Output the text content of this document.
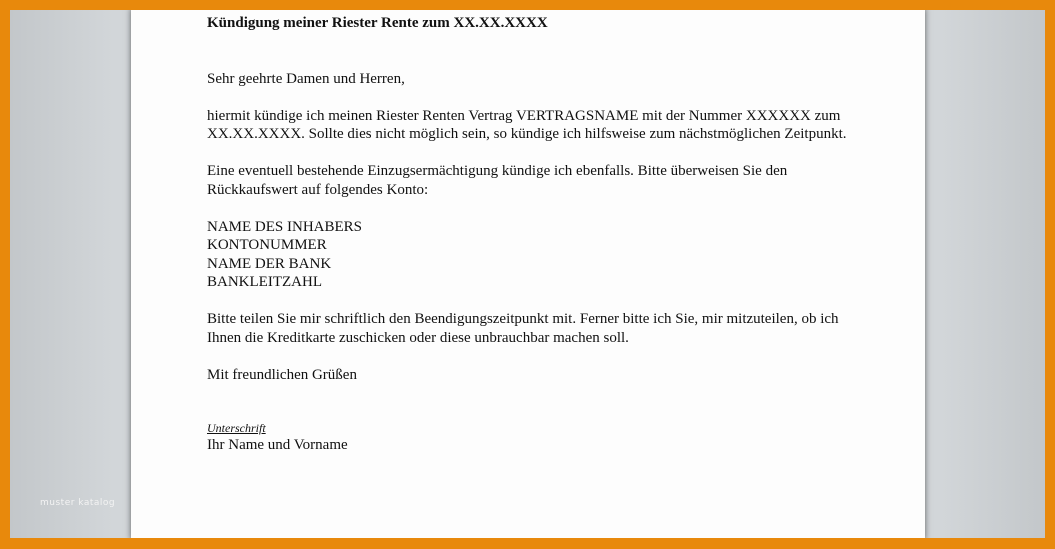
Kündigung meiner Riester Rente zum XX.XX.XXXX

Sehr geehrte Damen und Herren,

hiermit kündige ich meinen Riester Renten Vertrag VERTRAGSNAME mit der Nummer XXXXXX zum XX.XX.XXXX. Sollte dies nicht möglich sein, so kündige ich hilfsweise zum nächstmöglichen Zeitpunkt.

Eine eventuell bestehende Einzugsermächtigung kündige ich ebenfalls. Bitte überweisen Sie den Rückkaufswert auf folgendes Konto:

NAME DES INHABERS

KONTONUMMER

NAME DER BANK

BANKLEITZAHL

Bitte teilen Sie mir schriftlich den Beendigungszeitpunkt mit. Ferner bitte ich Sie, mir mitzuteilen, ob ich Ihnen die Kreditkarte zuschicken oder diese unbrauchbar machen soll.

Mit freundlichen Grüßen

Unterschrift

Ihr Name und Vorname

muster katalog
